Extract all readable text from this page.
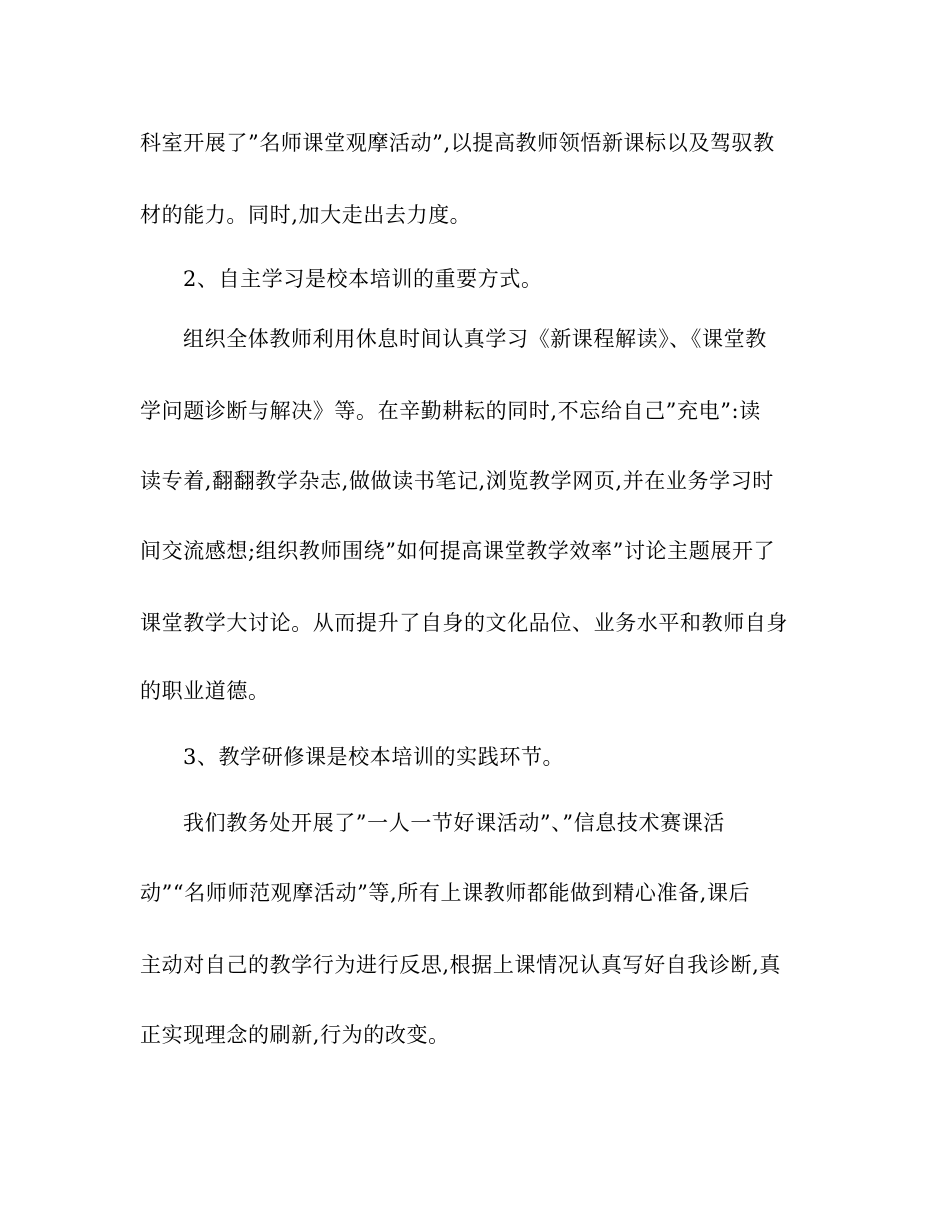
科室开展了”名师课堂观摩活动”,以提高教师领悟新课标以及驾驭教
材的能力。同时,加大走出去力度。
2、自主学习是校本培训的重要方式。
组织全体教师利用休息时间认真学习《新课程解读》、《课堂教
学问题诊断与解决》等。在辛勤耕耘的同时,不忘给自己”充电”:读
读专着,翻翻教学杂志,做做读书笔记,浏览教学网页,并在业务学习时
间交流感想;组织教师围绕”如何提高课堂教学效率”讨论主题展开了
课堂教学大讨论。从而提升了自身的文化品位、业务水平和教师自身
的职业道德。
3、教学研修课是校本培训的实践环节。
我们教务处开展了”一人一节好课活动”、”信息技术赛课活
动”“名师师范观摩活动”等,所有上课教师都能做到精心准备,课后
主动对自己的教学行为进行反思,根据上课情况认真写好自我诊断,真
正实现理念的刷新,行为的改变。
